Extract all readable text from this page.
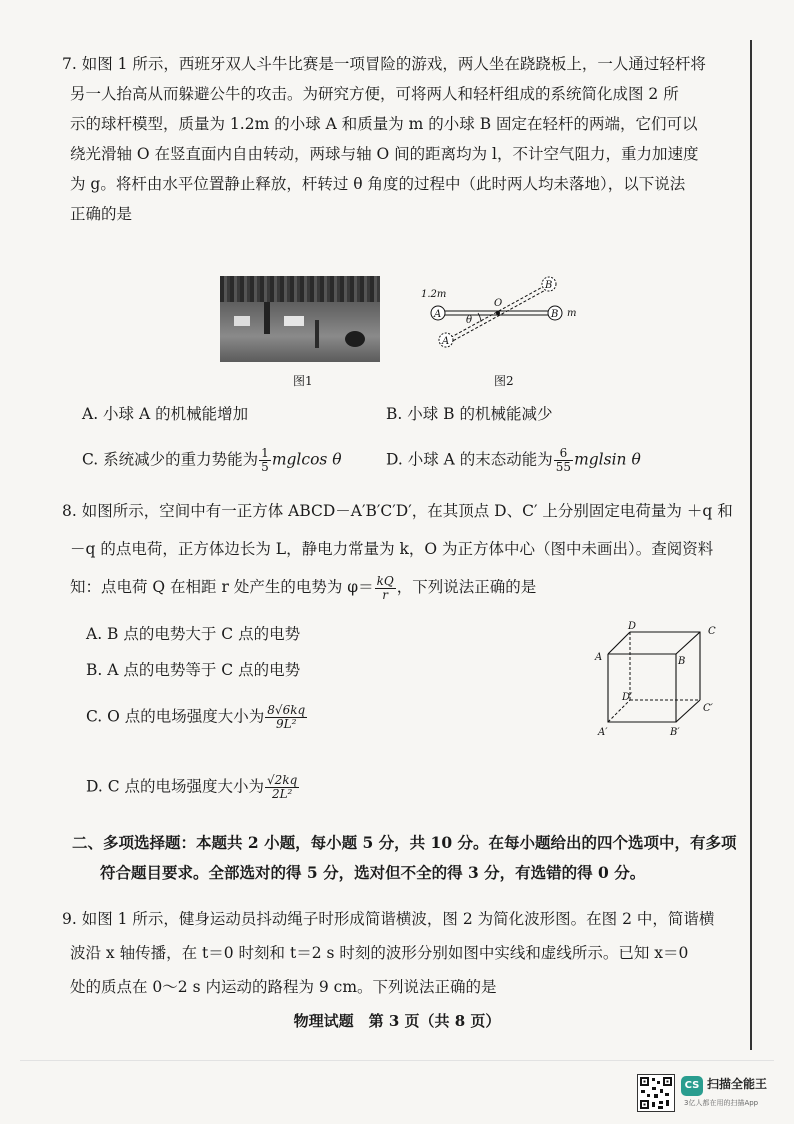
7. 如图 1 所示，西班牙双人斗牛比赛是一项冒险的游戏，两人坐在跷跷板上，一人通过轻杆将

另一人抬高从而躲避公牛的攻击。为研究方便，可将两人和轻杆组成的系统简化成图 2 所

示的球杆模型，质量为 1.2m 的小球 A 和质量为 m 的小球 B 固定在轻杆的两端，它们可以

绕光滑轴 O 在竖直面内自由转动，两球与轴 O 间的距离均为 l，不计空气阻力，重力加速度

为 g。将杆由水平位置静止释放，杆转过 θ 角度的过程中（此时两人均未落地），以下说法

正确的是

图1
A	B
A
B
O
θ
1.2m
m
图2
A. 小球 A 的机械能增加	B. 小球 B 的机械能减少
C. 系统减少的重力势能为 $\frac{1}{5}$ mglcos θ	D. 小球 A 的末态动能为 $\frac{6}{55}$ mglsin θ

8. 如图所示，空间中有一正方体 ABCD－A′B′C′D′，在其顶点 D、C′ 上分别固定电荷量为 ＋q 和

－q 的点电荷，正方体边长为 L，静电力常量为 k，O 为正方体中心（图中未画出）。查阅资料

知：点电荷 Q 在相距 r 处产生的电势为 $\varphi= \frac{kQ}{r}$ ，下列说法正确的是

A. B 点的电势大于 C 点的电势
B. A 点的电势等于 C 点的电势
C. O 点的电场强度大小为 $\frac{8√6kq}{\text{9L²}}$
D. C 点的电场强度大小为 $\frac{√2kq}{\text{2L²}}$
D	C
A	B
D′
C′
A′	B′

二、多项选择题：本题共 2 小题，每小题 5 分，共 10 分。在每小题给出的四个选项中，有多项

符合题目要求。全部选对的得 5 分，选对但不全的得 3 分，有选错的得 0 分。

9. 如图 1 所示，健身运动员抖动绳子时形成简谐横波，图 2 为简化波形图。在图 2 中，简谐横

波沿 x 轴传播，在 t＝0 时刻和 t＝2 s 时刻的波形分别如图中实线和虚线所示。已知 x＝0

处的质点在 0～2 s 内运动的路程为 9 cm。下列说法正确的是

物理试题　第 3 页（共 8 页）
CS 扫描全能王
3亿人都在用的扫描App
